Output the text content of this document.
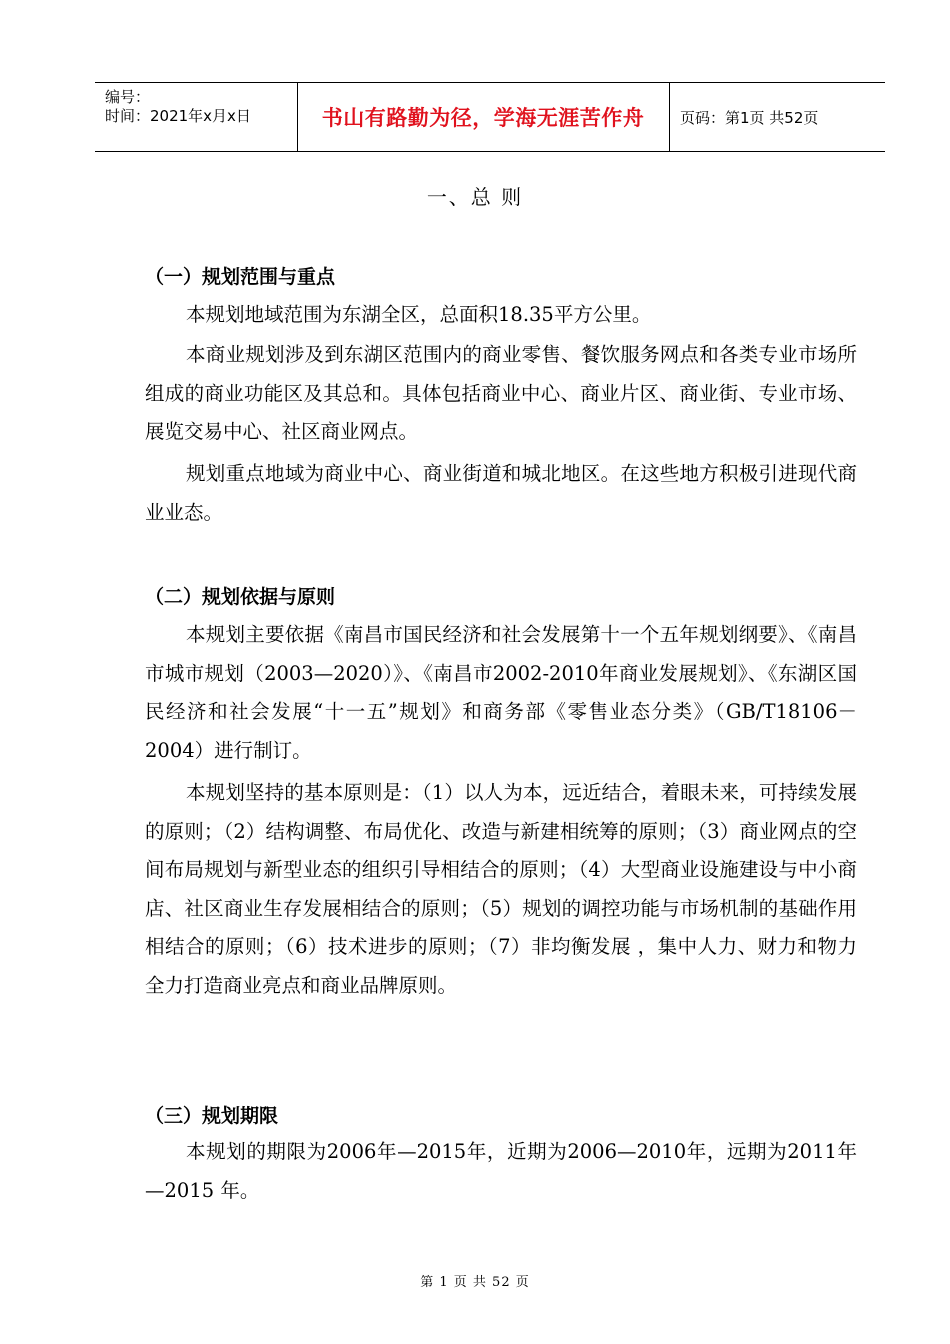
编号：
时间：2021年x月x日	书山有路勤为径，学海无涯苦作舟	页码：第1页 共52页
一、总 则
（一）规划范围与重点

本规划地域范围为东湖全区，总面积18.35平方公里。

本商业规划涉及到东湖区范围内的商业零售、餐饮服务网点和各类专业市场所组成的商业功能区及其总和。具体包括商业中心、商业片区、商业街、专业市场、展览交易中心、社区商业网点。

规划重点地域为商业中心、商业街道和城北地区。在这些地方积极引进现代商业业态。

（二）规划依据与原则

本规划主要依据《南昌市国民经济和社会发展第十一个五年规划纲要》、《南昌市城市规划（2003—2020）》、《南昌市2002-2010年商业发展规划》、《东湖区国民经济和社会发展“十一五”规划》和商务部《零售业态分类》（GB/T18106－2004）进行制订。

本规划坚持的基本原则是：（1）以人为本，远近结合，着眼未来，可持续发展的原则；（2）结构调整、布局优化、改造与新建相统筹的原则；（3）商业网点的空间布局规划与新型业态的组织引导相结合的原则；（4）大型商业设施建设与中小商店、社区商业生存发展相结合的原则；（5）规划的调控功能与市场机制的基础作用相结合的原则；（6）技术进步的原则；（7）非均衡发展 ，集中人力、财力和物力全力打造商业亮点和商业品牌原则。

（三）规划期限

本规划的期限为2006年—2015年，近期为2006—2010年，远期为2011年—2015 年。

第 1 页 共 52 页
